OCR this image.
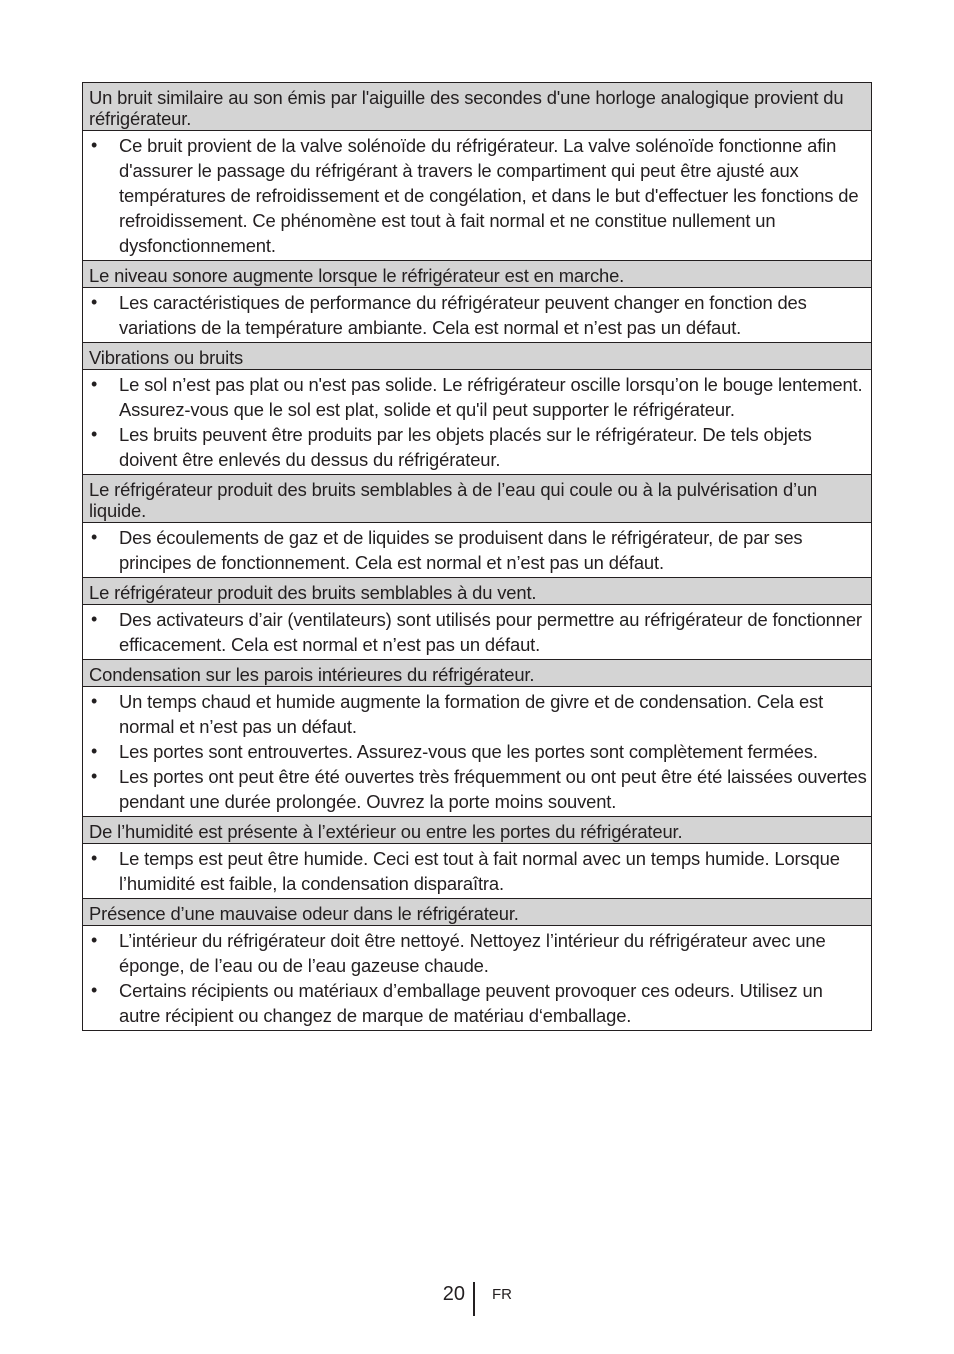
Un bruit similaire au son émis par l'aiguille des secondes d'une horloge analogique provient du réfrigérateur.
•	Ce bruit provient de la valve solénoïde du réfrigérateur. La valve solénoïde fonctionne afin d'assurer le passage du réfrigérant à travers le compartiment qui peut être ajusté aux températures de refroidissement et de congélation, et dans le but d'effectuer les fonctions de refroidissement. Ce phénomène est tout à fait normal et ne constitue nullement un dysfonctionnement.
Le niveau sonore augmente lorsque le réfrigérateur est en marche.
•	Les caractéristiques de performance du réfrigérateur peuvent changer en fonction des variations de la température ambiante. Cela est normal et n’est pas un défaut.
Vibrations ou bruits
•	Le sol n’est pas plat ou n'est pas solide. Le réfrigérateur oscille lorsqu’on le bouge lentement. Assurez-vous que le sol est plat, solide et qu'il peut supporter le réfrigérateur.
•	Les bruits peuvent être produits par les objets placés sur le réfrigérateur. De tels objets doivent être enlevés du dessus du réfrigérateur.
Le réfrigérateur produit des bruits semblables à de l’eau qui coule ou à la pulvérisation d’un liquide.
•	Des écoulements de gaz et de liquides se produisent dans le réfrigérateur, de par ses principes de fonctionnement. Cela est normal et n’est pas un défaut.
Le réfrigérateur produit des bruits semblables à du vent.
•	Des activateurs d’air (ventilateurs) sont utilisés pour permettre au réfrigérateur de fonctionner efficacement. Cela est normal et n’est pas un défaut.
Condensation sur les parois intérieures du réfrigérateur.
•	Un temps chaud et humide augmente la formation de givre et de condensation. Cela est normal et n’est pas un défaut.
•	Les portes sont entrouvertes. Assurez-vous que les portes sont complètement fermées.
•	Les portes ont peut être été ouvertes très fréquemment ou ont peut être été laissées ouvertes pendant une durée prolongée. Ouvrez la porte moins souvent.
De l’humidité est présente à l’extérieur ou entre les portes du réfrigérateur.
•	Le temps est peut être humide. Ceci est tout à fait normal avec un temps humide. Lorsque l’humidité est faible, la condensation disparaîtra.
Présence d’une mauvaise odeur dans le réfrigérateur.
•	L’intérieur du réfrigérateur doit être nettoyé. Nettoyez l’intérieur du réfrigérateur avec une éponge, de l’eau ou de l’eau gazeuse chaude.
•	Certains récipients ou matériaux d’emballage peuvent provoquer ces odeurs. Utilisez un autre récipient ou changez de marque de matériau d‘emballage.
20 FR
